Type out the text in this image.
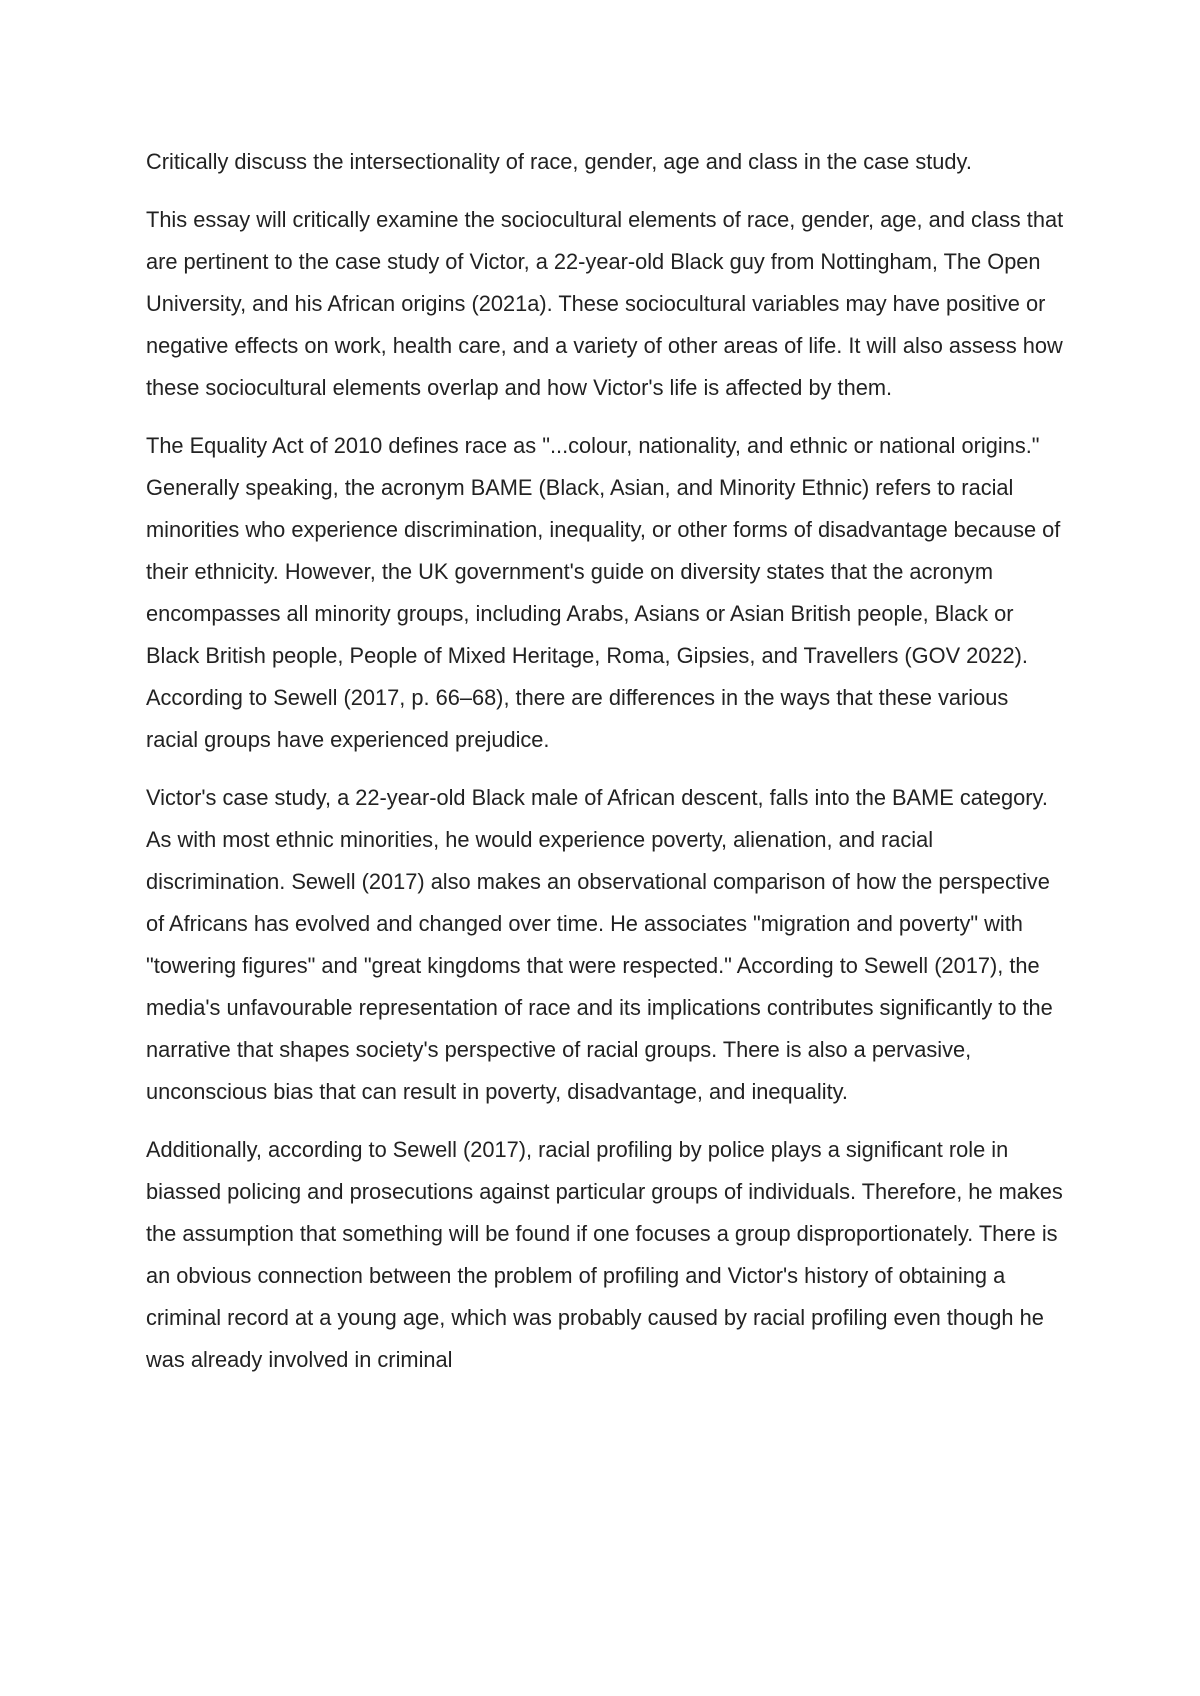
Critically discuss the intersectionality of race, gender, age and class in the case study.

This essay will critically examine the sociocultural elements of race, gender, age, and class that are pertinent to the case study of Victor, a 22-year-old Black guy from Nottingham, The Open University, and his African origins (2021a). These sociocultural variables may have positive or negative effects on work, health care, and a variety of other areas of life. It will also assess how these sociocultural elements overlap and how Victor's life is affected by them.

The Equality Act of 2010 defines race as "...colour, nationality, and ethnic or national origins." Generally speaking, the acronym BAME (Black, Asian, and Minority Ethnic) refers to racial minorities who experience discrimination, inequality, or other forms of disadvantage because of their ethnicity. However, the UK government's guide on diversity states that the acronym encompasses all minority groups, including Arabs, Asians or Asian British people, Black or Black British people, People of Mixed Heritage, Roma, Gipsies, and Travellers (GOV 2022). According to Sewell (2017, p. 66–68), there are differences in the ways that these various racial groups have experienced prejudice.

Victor's case study, a 22-year-old Black male of African descent, falls into the BAME category. As with most ethnic minorities, he would experience poverty, alienation, and racial discrimination. Sewell (2017) also makes an observational comparison of how the perspective of Africans has evolved and changed over time. He associates "migration and poverty" with "towering figures" and "great kingdoms that were respected." According to Sewell (2017), the media's unfavourable representation of race and its implications contributes significantly to the narrative that shapes society's perspective of racial groups. There is also a pervasive, unconscious bias that can result in poverty, disadvantage, and inequality.

Additionally, according to Sewell (2017), racial profiling by police plays a significant role in biassed policing and prosecutions against particular groups of individuals. Therefore, he makes the assumption that something will be found if one focuses a group disproportionately. There is an obvious connection between the problem of profiling and Victor's history of obtaining a criminal record at a young age, which was probably caused by racial profiling even though he was already involved in criminal
